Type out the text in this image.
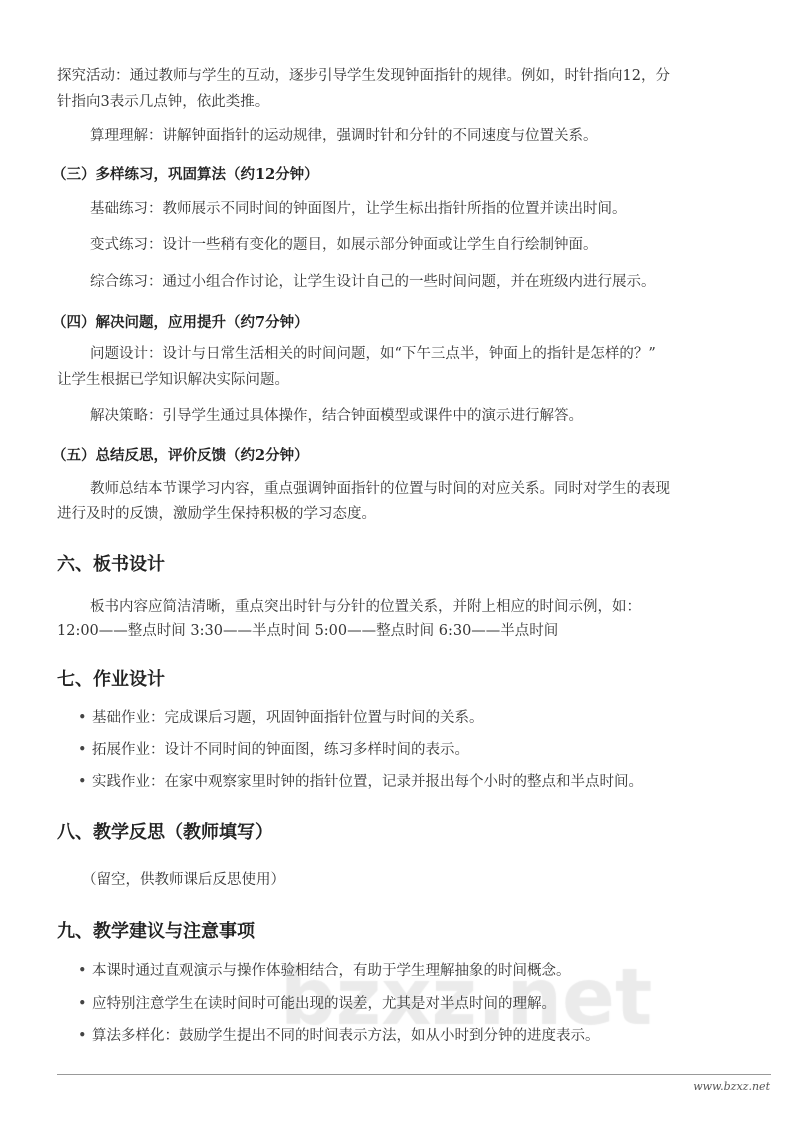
探究活动：通过教师与学生的互动，逐步引导学生发现钟面指针的规律。例如，时针指向12，分
针指向3表示几点钟，依此类推。
算理理解：讲解钟面指针的运动规律，强调时针和分针的不同速度与位置关系。
（三）多样练习，巩固算法（约12分钟）
基础练习：教师展示不同时间的钟面图片，让学生标出指针所指的位置并读出时间。
变式练习：设计一些稍有变化的题目，如展示部分钟面或让学生自行绘制钟面。
综合练习：通过小组合作讨论，让学生设计自己的一些时间问题，并在班级内进行展示。
（四）解决问题，应用提升（约7分钟）
问题设计：设计与日常生活相关的时间问题，如“下午三点半，钟面上的指针是怎样的？”
让学生根据已学知识解决实际问题。
解决策略：引导学生通过具体操作，结合钟面模型或课件中的演示进行解答。
（五）总结反思，评价反馈（约2分钟）
教师总结本节课学习内容，重点强调钟面指针的位置与时间的对应关系。同时对学生的表现
进行及时的反馈，激励学生保持积极的学习态度。
六、板书设计
板书内容应简洁清晰，重点突出时针与分针的位置关系，并附上相应的时间示例，如：
12:00——整点时间 3:30——半点时间 5:00——整点时间 6:30——半点时间
七、作业设计
• 基础作业：完成课后习题，巩固钟面指针位置与时间的关系。
• 拓展作业：设计不同时间的钟面图，练习多样时间的表示。
• 实践作业：在家中观察家里时钟的指针位置，记录并报出每个小时的整点和半点时间。
八、教学反思（教师填写）
（留空，供教师课后反思使用）
九、教学建议与注意事项
• 本课时通过直观演示与操作体验相结合，有助于学生理解抽象的时间概念。
• 应特别注意学生在读时间时可能出现的误差，尤其是对半点时间的理解。
• 算法多样化：鼓励学生提出不同的时间表示方法，如从小时到分钟的进度表示。
www.bzxz.net
